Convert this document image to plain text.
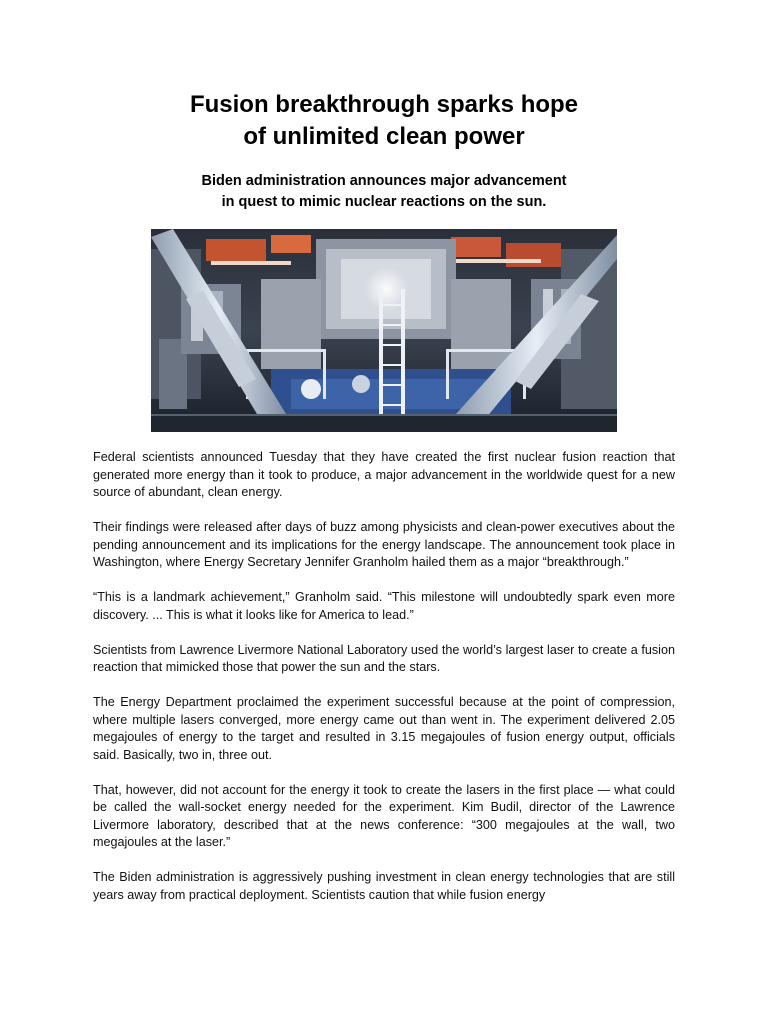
Fusion breakthrough sparks hope
of unlimited clean power
Biden administration announces major advancement
in quest to mimic nuclear reactions on the sun.

Federal scientists announced Tuesday that they have created the first nuclear fusion reaction that generated more energy than it took to produce, a major advancement in the worldwide quest for a new source of abundant, clean energy.

Their findings were released after days of buzz among physicists and clean-power executives about the pending announcement and its implications for the energy landscape. The announcement took place in Washington, where Energy Secretary Jennifer Granholm hailed them as a major “breakthrough.”

“This is a landmark achievement,” Granholm said. “This milestone will undoubtedly spark even more discovery. ... This is what it looks like for America to lead.”

Scientists from Lawrence Livermore National Laboratory used the world’s largest laser to create a fusion reaction that mimicked those that power the sun and the stars.

The Energy Department proclaimed the experiment successful because at the point of compression, where multiple lasers converged, more energy came out than went in. The experiment delivered 2.05 megajoules of energy to the target and resulted in 3.15 megajoules of fusion energy output, officials said. Basically, two in, three out.

That, however, did not account for the energy it took to create the lasers in the first place — what could be called the wall-socket energy needed for the experiment. Kim Budil, director of the Lawrence Livermore laboratory, described that at the news conference: “300 megajoules at the wall, two megajoules at the laser.”

The Biden administration is aggressively pushing investment in clean energy technologies that are still years away from practical deployment. Scientists caution that while fusion energy
